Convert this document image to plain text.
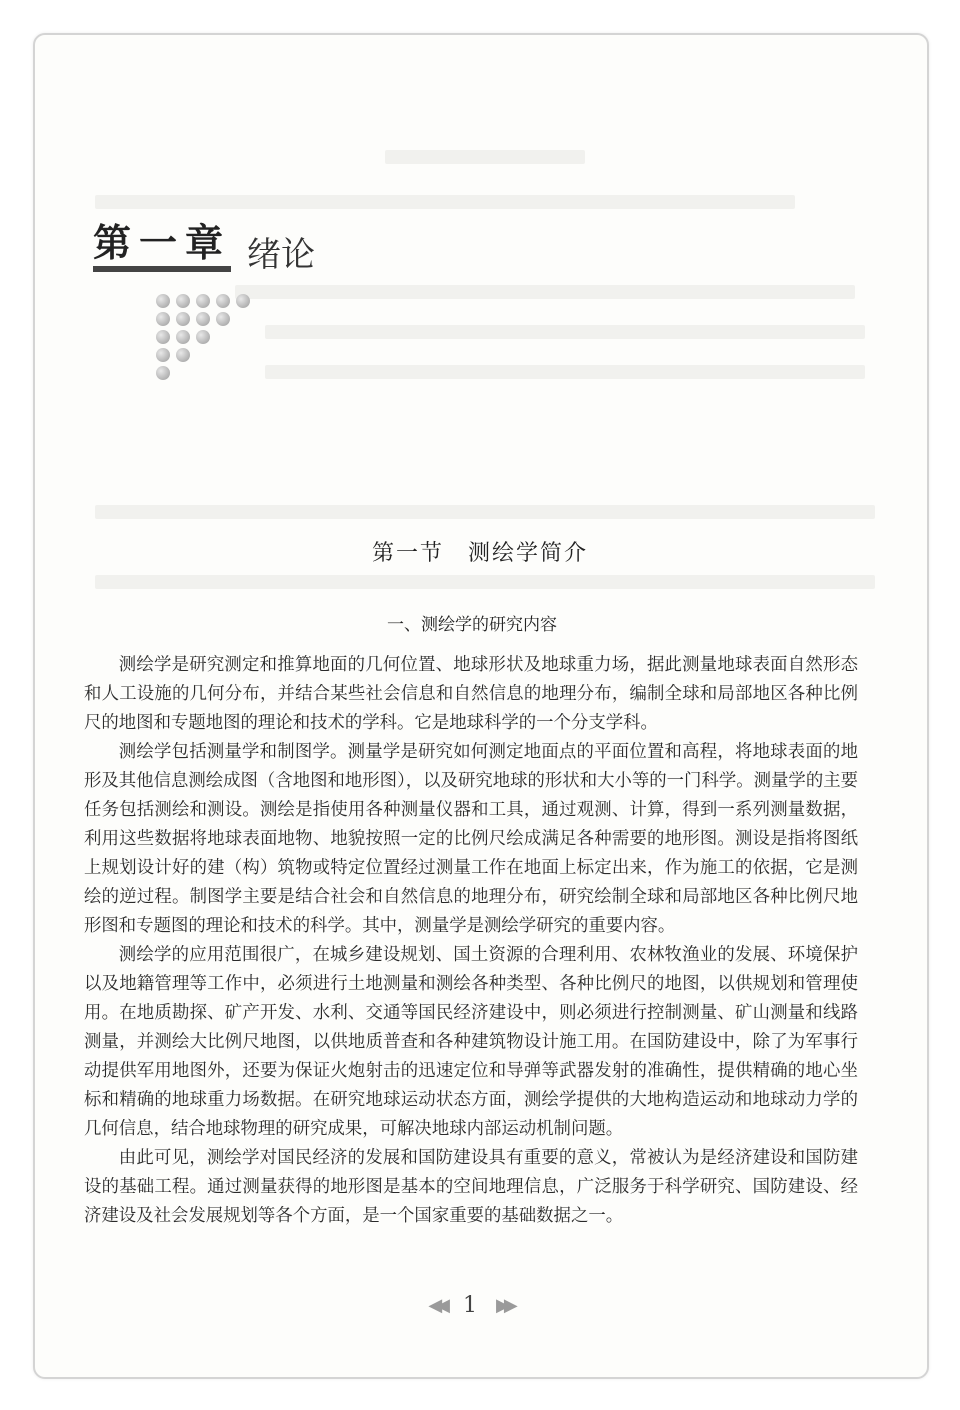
第一章 绪论
第一节　测绘学简介
一、测绘学的研究内容

测绘学是研究测定和推算地面的几何位置、地球形状及地球重力场，据此测量地球表面自然形态和人工设施的几何分布，并结合某些社会信息和自然信息的地理分布，编制全球和局部地区各种比例尺的地图和专题地图的理论和技术的学科。它是地球科学的一个分支学科。

测绘学包括测量学和制图学。测量学是研究如何测定地面点的平面位置和高程，将地球表面的地形及其他信息测绘成图（含地图和地形图），以及研究地球的形状和大小等的一门科学。测量学的主要任务包括测绘和测设。测绘是指使用各种测量仪器和工具，通过观测、计算，得到一系列测量数据，利用这些数据将地球表面地物、地貌按照一定的比例尺绘成满足各种需要的地形图。测设是指将图纸上规划设计好的建（构）筑物或特定位置经过测量工作在地面上标定出来，作为施工的依据，它是测绘的逆过程。制图学主要是结合社会和自然信息的地理分布，研究绘制全球和局部地区各种比例尺地形图和专题图的理论和技术的科学。其中，测量学是测绘学研究的重要内容。

测绘学的应用范围很广，在城乡建设规划、国土资源的合理利用、农林牧渔业的发展、环境保护以及地籍管理等工作中，必须进行土地测量和测绘各种类型、各种比例尺的地图，以供规划和管理使用。在地质勘探、矿产开发、水利、交通等国民经济建设中，则必须进行控制测量、矿山测量和线路测量，并测绘大比例尺地图，以供地质普查和各种建筑物设计施工用。在国防建设中，除了为军事行动提供军用地图外，还要为保证火炮射击的迅速定位和导弹等武器发射的准确性，提供精确的地心坐标和精确的地球重力场数据。在研究地球运动状态方面，测绘学提供的大地构造运动和地球动力学的几何信息，结合地球物理的研究成果，可解决地球内部运动机制问题。

由此可见，测绘学对国民经济的发展和国防建设具有重要的意义，常被认为是经济建设和国防建设的基础工程。通过测量获得的地形图是基本的空间地理信息，广泛服务于科学研究、国防建设、经济建设及社会发展规划等各个方面，是一个国家重要的基础数据之一。

◀◀ 1 ▶▶
